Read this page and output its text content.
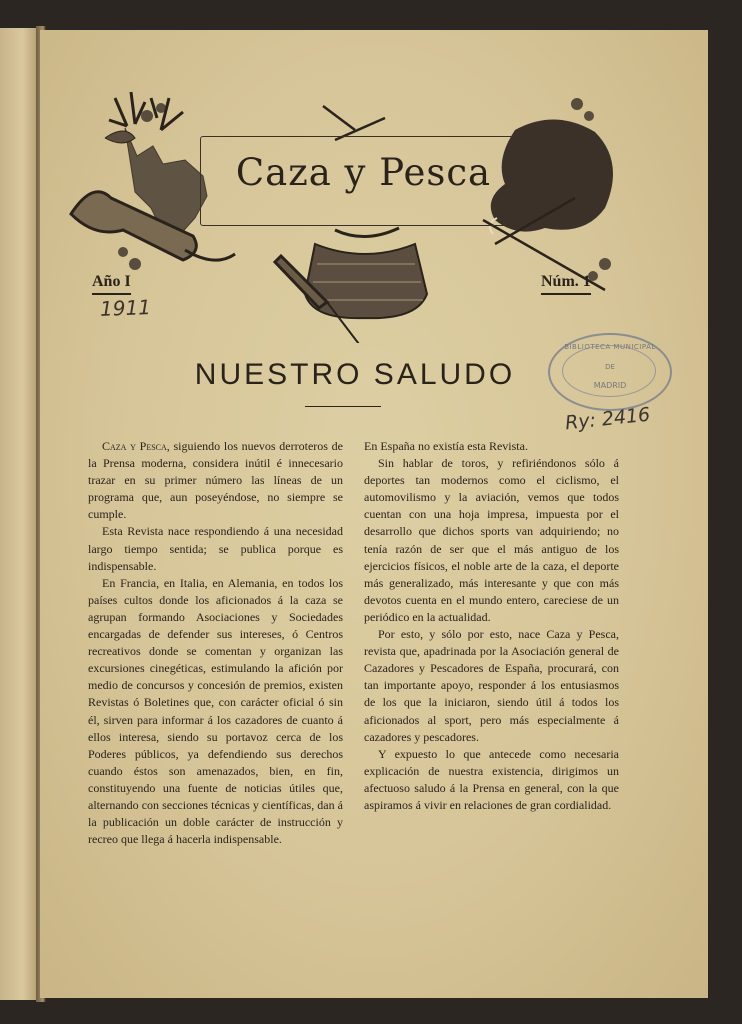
Caza y Pesca
Año I	Núm. 1
1911
BIBLIOTECA MUNICIPAL
DE
MADRID
Ry: 2416
NUESTRO SALUDO

Caza y Pesca, siguiendo los nuevos derroteros de la Prensa moderna, considera inútil é innecesario trazar en su primer número las líneas de un programa que, aun poseyéndose, no siempre se cumple.

Esta Revista nace respondiendo á una necesidad largo tiempo sentida; se publica porque es indispensable.

En Francia, en Italia, en Alemania, en todos los países cultos donde los aficionados á la caza se agrupan formando Asociaciones y Sociedades encargadas de defender sus intereses, ó Centros recreativos donde se comentan y organizan las excursiones cinegéticas, estimulando la afición por medio de concursos y concesión de premios, existen Revistas ó Boletines que, con carácter oficial ó sin él, sirven para informar á los cazadores de cuanto á ellos interesa, siendo su portavoz cerca de los Poderes públicos, ya defendiendo sus derechos cuando éstos son amenazados, bien, en fin, constituyendo una fuente de noticias útiles que, alternando con secciones técnicas y científicas, dan á la publicación un doble carácter de instrucción y recreo que llega á hacerla indispensable.

En España no existía esta Revista.

Sin hablar de toros, y refiriéndonos sólo á deportes tan modernos como el ciclismo, el automovilismo y la aviación, vemos que todos cuentan con una hoja impresa, impuesta por el desarrollo que dichos sports van adquiriendo; no tenía razón de ser que el más antiguo de los ejercicios físicos, el noble arte de la caza, el deporte más generalizado, más interesante y que con más devotos cuenta en el mundo entero, careciese de un periódico en la actualidad.

Por esto, y sólo por esto, nace Caza y Pesca, revista que, apadrinada por la Asociación general de Cazadores y Pescadores de España, procurará, con tan importante apoyo, responder á los entusiasmos de los que la iniciaron, siendo útil á todos los aficionados al sport, pero más especialmente á cazadores y pescadores.

Y expuesto lo que antecede como necesaria explicación de nuestra existencia, dirigimos un afectuoso saludo á la Prensa en general, con la que aspiramos á vivir en relaciones de gran cordialidad.
